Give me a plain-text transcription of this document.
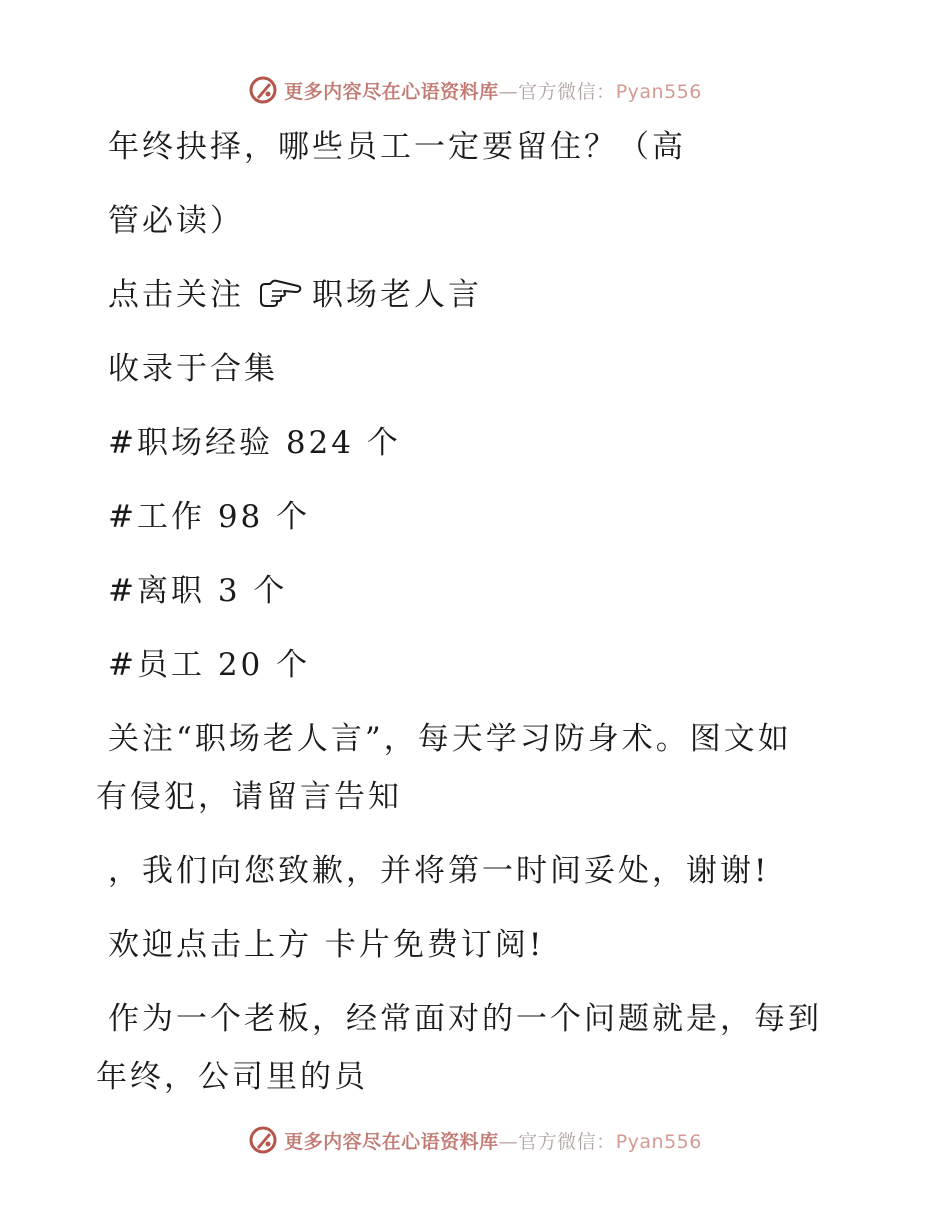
更多内容尽在心语资料库—官方微信：Pyan556
年终抉择，哪些员工一定要留住？（高
管必读）
点击关注 职场老人言
收录于合集
#职场经验 824 个
#工作 98 个
#离职 3 个
#员工 20 个
关注“职场老人言”，每天学习防身术。图文如
有侵犯，请留言告知
，我们向您致歉，并将第一时间妥处，谢谢!
欢迎点击上方 卡片免费订阅!
作为一个老板，经常面对的一个问题就是，每到
年终，公司里的员
更多内容尽在心语资料库—官方微信：Pyan556
